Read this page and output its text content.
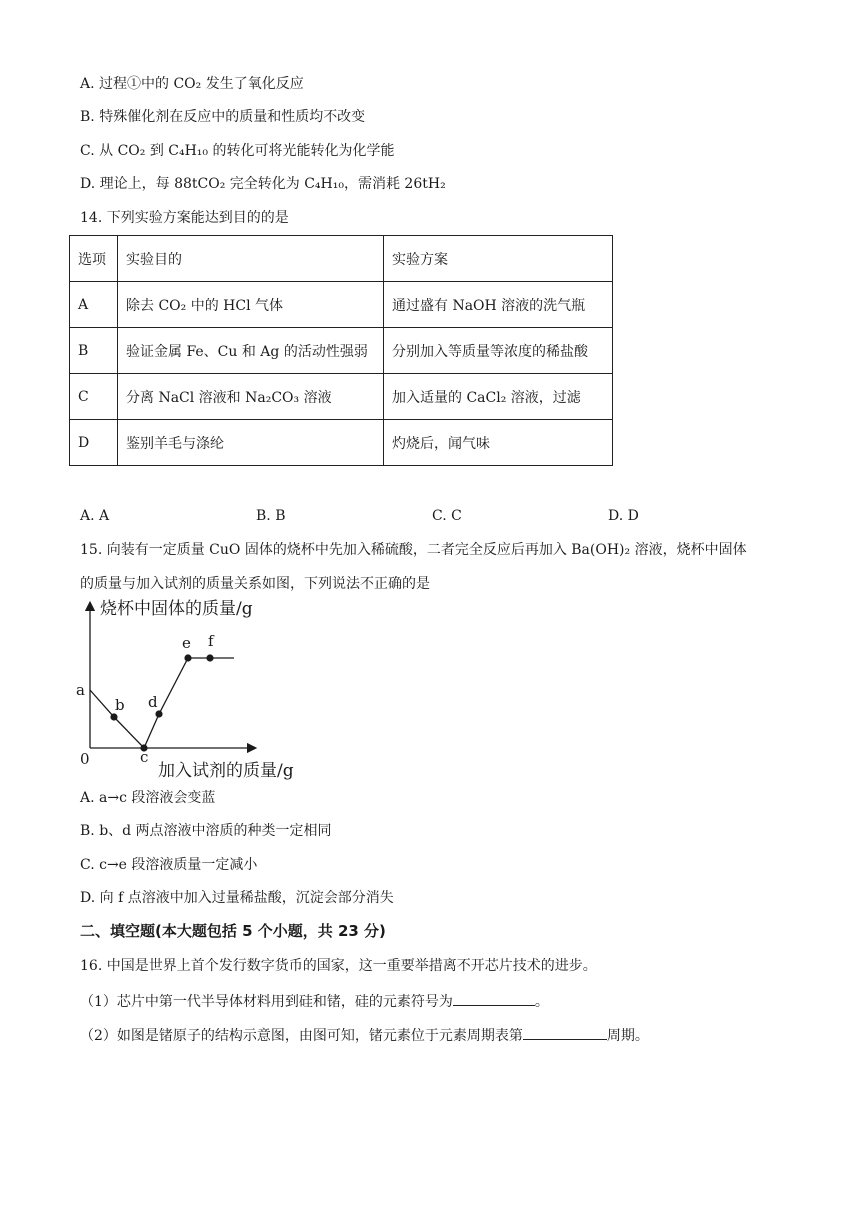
A. 过程①中的 CO₂ 发生了氧化反应
B. 特殊催化剂在反应中的质量和性质均不改变
C. 从 CO₂ 到 C₄H₁₀ 的转化可将光能转化为化学能
D. 理论上，每 88tCO₂ 完全转化为 C₄H₁₀，需消耗 26tH₂
14. 下列实验方案能达到目的的是
选项	实验目的	实验方案
A	除去 CO₂ 中的 HCl 气体	通过盛有 NaOH 溶液的洗气瓶
B	验证金属 Fe、Cu 和 Ag 的活动性强弱	分别加入等质量等浓度的稀盐酸
C	分离 NaCl 溶液和 Na₂CO₃ 溶液	加入适量的 CaCl₂ 溶液，过滤
D	鉴别羊毛与涤纶	灼烧后，闻气味
A. A	B. B	C. C	D. D
15. 向装有一定质量 CuO 固体的烧杯中先加入稀硫酸，二者完全反应后再加入 Ba(OH)₂ 溶液，烧杯中固体
的质量与加入试剂的质量关系如图，下列说法不正确的是
烧杯中固体的质量/g
加入试剂的质量/g
0
a
b
c
d
e f
A. a→c 段溶液会变蓝
B. b、d 两点溶液中溶质的种类一定相同
C. c→e 段溶液质量一定减小
D. 向 f 点溶液中加入过量稀盐酸，沉淀会部分消失
二、填空题(本大题包括 5 个小题，共 23 分)
16. 中国是世界上首个发行数字货币的国家，这一重要举措离不开芯片技术的进步。
（1）芯片中第一代半导体材料用到硅和锗，硅的元素符号为	。
（2）如图是锗原子的结构示意图，由图可知，锗元素位于元素周期表第	周期。
